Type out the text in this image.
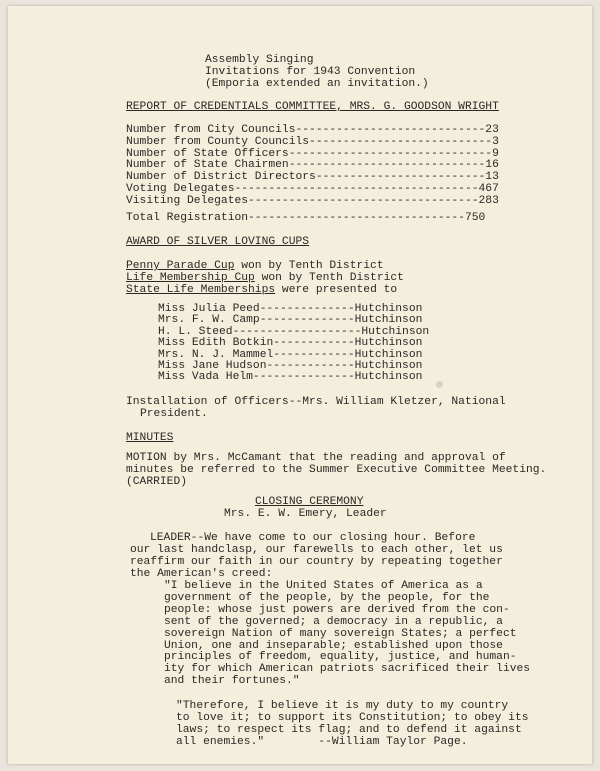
Assembly Singing
Invitations for 1943 Convention
(Emporia extended an invitation.)
REPORT OF CREDENTIALS COMMITTEE, MRS. G. GOODSON WRIGHT
Number from City Councils----------------------------23
Number from County Councils---------------------------3
Number of State Officers------------------------------9
Number of State Chairmen-----------------------------16
Number of District Directors-------------------------13
Voting Delegates------------------------------------467
Visiting Delegates----------------------------------283
Total Registration--------------------------------750
AWARD OF SILVER LOVING CUPS
Penny Parade Cup won by Tenth District
Life Membership Cup won by Tenth District
State Life Memberships were presented to
Miss Julia Peed--------------Hutchinson
Mrs. F. W. Camp--------------Hutchinson
H. L. Steed-------------------Hutchinson
Miss Edith Botkin------------Hutchinson
Mrs. N. J. Mammel------------Hutchinson
Miss Jane Hudson-------------Hutchinson
Miss Vada Helm---------------Hutchinson
Installation of Officers--Mrs. William Kletzer, National
President.
MINUTES
MOTION by Mrs. McCamant that the reading and approval of
minutes be referred to the Summer Executive Committee Meeting.
(CARRIED)
CLOSING CEREMONY
Mrs. E. W. Emery, Leader
LEADER--We have come to our closing hour. Before
our last handclasp, our farewells to each other, let us
reaffirm our faith in our country by repeating together
the American's creed:
"I believe in the United States of America as a
government of the people, by the people, for the
people: whose just powers are derived from the con-
sent of the governed; a democracy in a republic, a
sovereign Nation of many sovereign States; a perfect
Union, one and inseparable; established upon those
principles of freedom, equality, justice, and human-
ity for which American patriots sacrificed their lives
and their fortunes."
"Therefore, I believe it is my duty to my country
to love it; to support its Constitution; to obey its
laws; to respect its flag; and to defend it against
all enemies."        --William Taylor Page.
